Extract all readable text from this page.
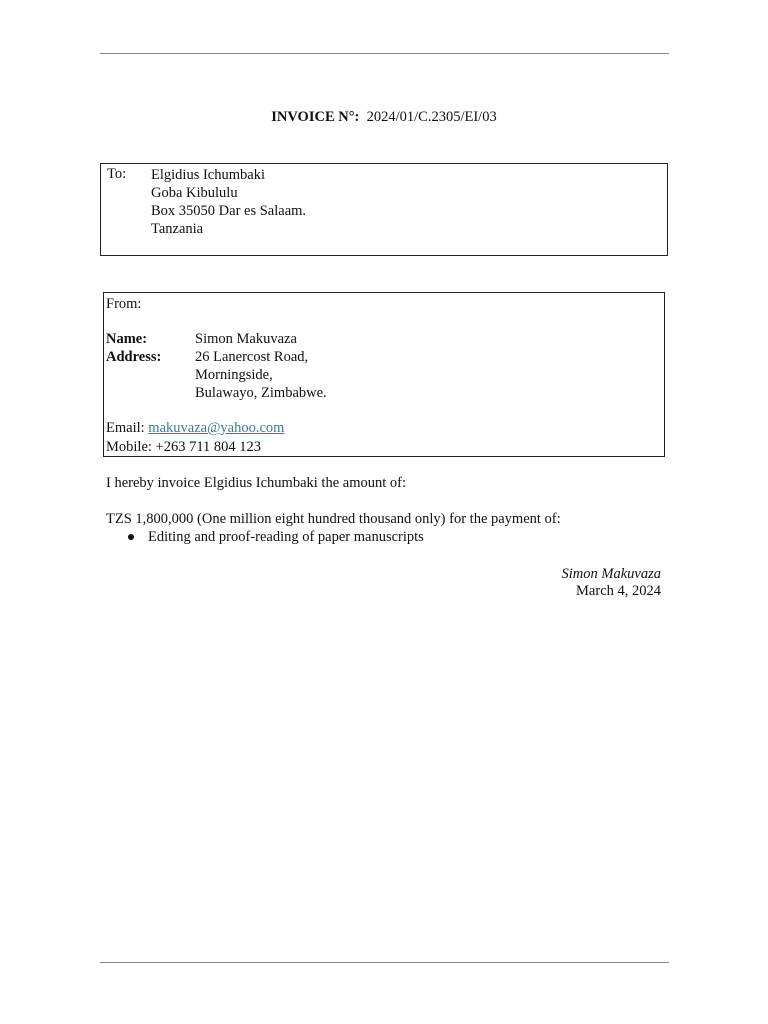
INVOICE N°: 2024/01/C.2305/EI/03
To: Elgidius Ichumbaki
Goba Kibululu
Box 35050 Dar es Salaam.
Tanzania
From:
Name:	Simon Makuvaza
Address: 26 Lanercost Road,
Morningside,
Bulawayo, Zimbabwe.
Email: makuvaza@yahoo.com
Mobile: +263 711 804 123
I hereby invoice Elgidius Ichumbaki the amount of:
TZS 1,800,000 (One million eight hundred thousand only) for the payment of:
Editing and proof-reading of paper manuscripts
Simon Makuvaza
March 4, 2024
